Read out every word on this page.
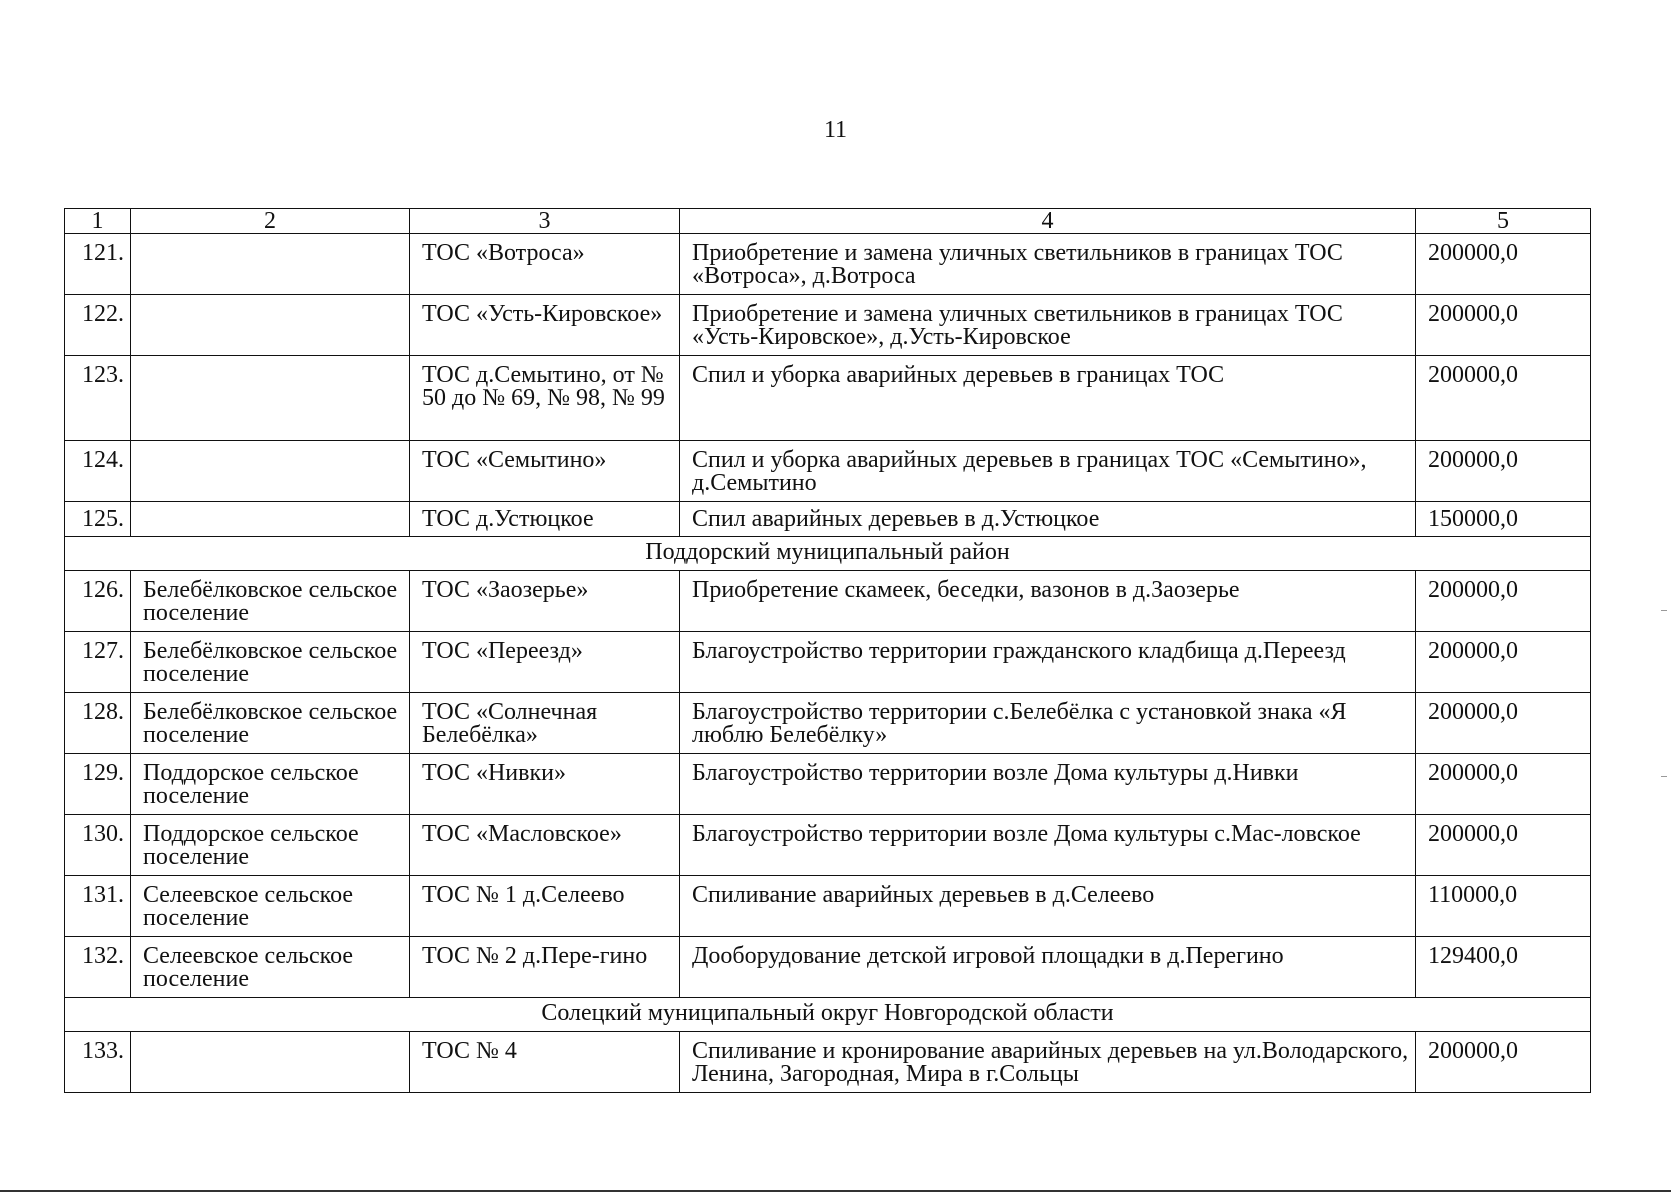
11
1	2	3	4	5
121.		ТОС «Вотроса»	Приобретение и замена уличных светильников в границах ТОС «Вотроса», д.Вотроса	200000,0
122.		ТОС «Усть-Кировское»	Приобретение и замена уличных светильников в границах ТОС «Усть-Кировское», д.Усть-Кировское	200000,0
123.		ТОС д.Семытино, от № 50 до № 69, № 98, № 99	Спил и уборка аварийных деревьев в границах ТОС	200000,0
124.		ТОС «Семытино»	Спил и уборка аварийных деревьев в границах ТОС «Семытино», д.Семытино	200000,0
125.		ТОС д.Устюцкое	Спил аварийных деревьев в д.Устюцкое	150000,0
Поддорский муниципальный район				
126.	Белебёлковское сельское поселение	ТОС «Заозерье»	Приобретение скамеек, беседки, вазонов в д.Заозерье	200000,0
127.	Белебёлковское сельское поселение	ТОС «Переезд»	Благоустройство территории гражданского кладбища д.Переезд	200000,0
128.	Белебёлковское сельское поселение	ТОС «Солнечная Белебёлка»	Благоустройство территории с.Белебёлка с установкой знака «Я люблю Белебёлку»	200000,0
129.	Поддорское сельское поселение	ТОС «Нивки»	Благоустройство территории возле Дома культуры д.Нивки	200000,0
130.	Поддорское сельское поселение	ТОС «Масловское»	Благоустройство территории возле Дома культуры с.Мас-ловское	200000,0
131.	Селеевское сельское поселение	ТОС № 1 д.Селеево	Спиливание аварийных деревьев в д.Селеево	110000,0
132.	Селеевское сельское поселение	ТОС № 2 д.Пере-гино	Дооборудование детской игровой площадки в д.Перегино	129400,0
Солецкий муниципальный округ Новгородской области				
133.		ТОС № 4	Спиливание и кронирование аварийных деревьев на ул.Володарского, Ленина, Загородная, Мира в г.Сольцы	200000,0
